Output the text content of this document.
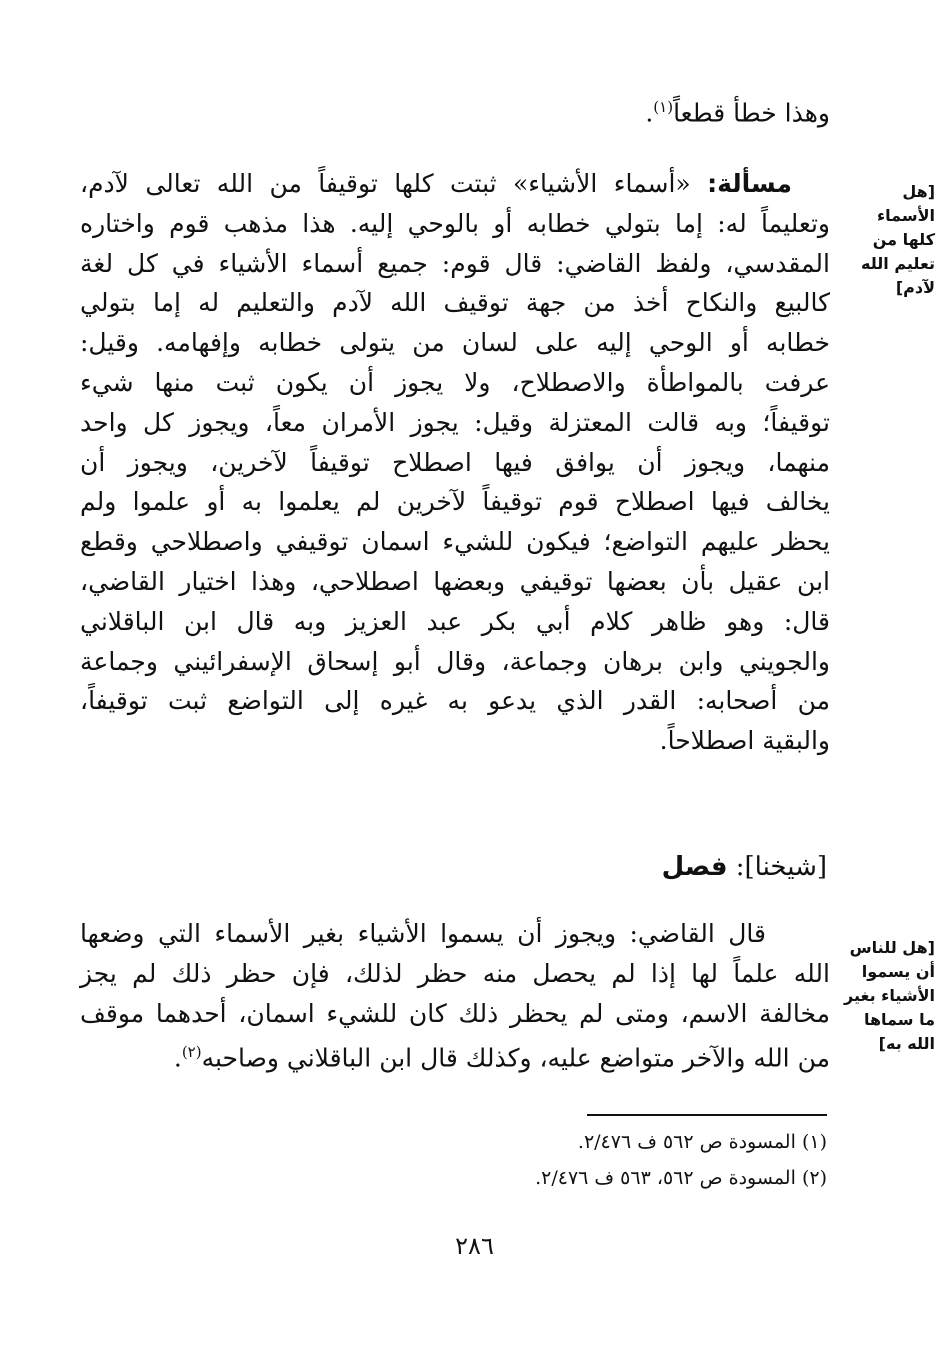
وهذا خطأ قطعاً$^{(١)}$.
[هل الأسماء كلها من تعليم الله لآدم]
مسألة: «أسماء الأشياء» ثبتت كلها توقيفاً من الله تعالى لآدم،
وتعليماً له: إما بتولي خطابه أو بالوحي إليه. هذا مذهب قوم واختاره
المقدسي، ولفظ القاضي: قال قوم: جميع أسماء الأشياء في كل لغة
كالبيع والنكاح أخذ من جهة توقيف الله لآدم والتعليم له إما بتولي
خطابه أو الوحي إليه على لسان من يتولى خطابه وإفهامه. وقيل:
عرفت بالمواطأة والاصطلاح، ولا يجوز أن يكون ثبت منها شيء
توقيفاً؛ وبه قالت المعتزلة وقيل: يجوز الأمران معاً، ويجوز كل واحد
منهما، ويجوز أن يوافق فيها اصطلاح توقيفاً لآخرين، ويجوز أن
يخالف فيها اصطلاح قوم توقيفاً لآخرين لم يعلموا به أو علموا ولم
يحظر عليهم التواضع؛ فيكون للشيء اسمان توقيفي واصطلاحي وقطع
ابن عقيل بأن بعضها توقيفي وبعضها اصطلاحي، وهذا اختيار القاضي،
قال: وهو ظاهر كلام أبي بكر عبد العزيز وبه قال ابن الباقلاني
والجويني وابن برهان وجماعة، وقال أبو إسحاق الإسفرائيني وجماعة
من أصحابه: القدر الذي يدعو به غيره إلى التواضع ثبت توقيفاً،
والبقية اصطلاحاً.
[شيخنا]: فصل
[هل للناس أن يسموا الأشياء بغير ما سماها الله به]
قال القاضي: ويجوز أن يسموا الأشياء بغير الأسماء التي وضعها
الله علماً لها إذا لم يحصل منه حظر لذلك، فإن حظر ذلك لم يجز
مخالفة الاسم، ومتى لم يحظر ذلك كان للشيء اسمان، أحدهما موقف
من الله والآخر متواضع عليه، وكذلك قال ابن الباقلاني وصاحبه$^{(٢)}$.
(١) المسودة ص ٥٦٢ ف ٢/٤٧٦.
(٢) المسودة ص ٥٦٢، ٥٦٣ ف ٢/٤٧٦.
٢٨٦
